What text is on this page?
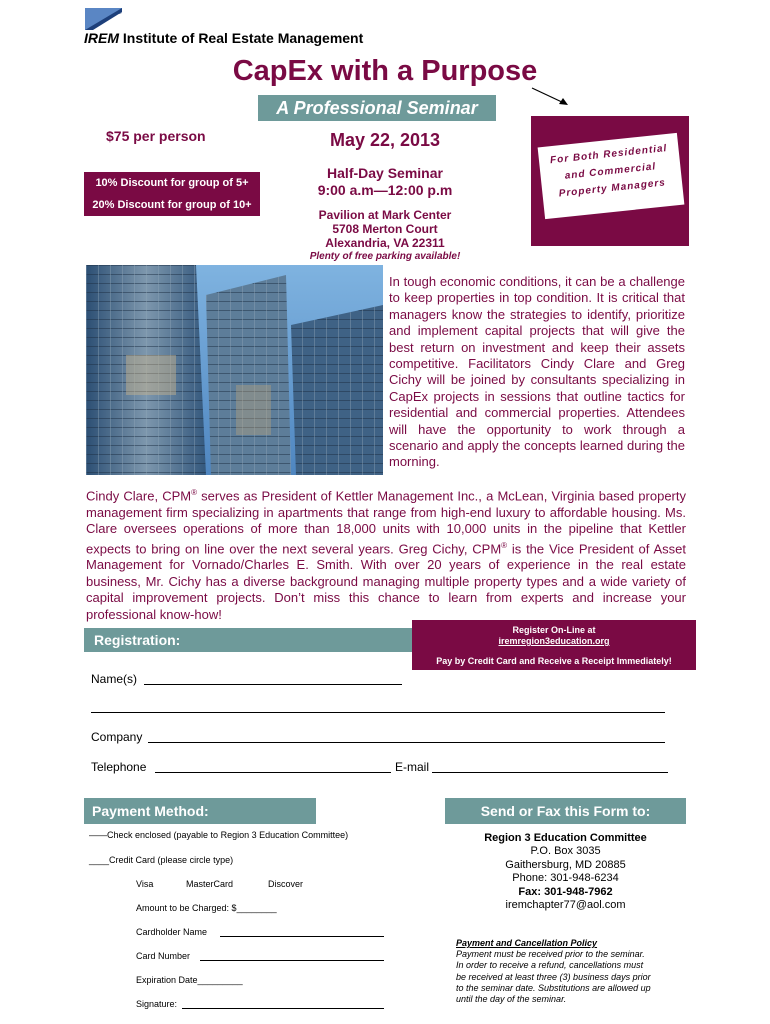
®
IREM Institute of Real Estate Management
CapEx with a Purpose
A Professional Seminar
$75 per person
10% Discount for group of 5+
20% Discount for group of 10+
May 22, 2013
Half-Day Seminar
9:00 a.m—12:00 p.m
Pavilion at Mark Center
5708 Merton Court
Alexandria, VA 22311
Plenty of free parking available!
For Both Residential
and Commercial
Property Managers
In tough economic conditions, it can be a challenge to keep properties in top condition. It is critical that managers know the strategies to identify, prioritize and implement capital projects that will give the best return on investment and keep their assets competitive. Facilitators Cindy Clare and Greg Cichy will be joined by consultants specializing in CapEx projects in sessions that outline tactics for residential and commercial properties. Attendees will have the opportunity to work through a scenario and apply the concepts learned during the morning.
Cindy Clare, CPM® serves as President of Kettler Management Inc., a McLean, Virginia based property management firm specializing in apartments that range from high-end luxury to affordable housing. Ms. Clare oversees operations of more than 18,000 units with 10,000 units in the pipeline that Kettler expects to bring on line over the next several years. Greg Cichy, CPM® is the Vice President of Asset Management for Vornado/Charles E. Smith. With over 20 years of experience in the real estate business, Mr. Cichy has a diverse background managing multiple property types and a wide variety of capital improvement projects. Don’t miss this chance to learn from experts and increase your professional know-how!
Registration:
Register On-Line at
iremregion3education.org
Pay by Credit Card and Receive a Receipt Immediately!
Name(s)
Company
Telephone	E-mail
Payment Method:
——Check enclosed (payable to Region 3 Education Committee)
____Credit Card (please circle type)
Visa	MasterCard	Discover
Amount to be Charged: $________
Cardholder Name
Card Number
Expiration Date_________
Signature:
Send or Fax this Form to:
Region 3 Education Committee
P.O. Box 3035
Gaithersburg, MD 20885
Phone: 301-948-6234
Fax: 301-948-7962
iremchapter77@aol.com
Payment and Cancellation Policy
Payment must be received prior to the seminar.
In order to receive a refund, cancellations must
be received at least three (3) business days prior
to the seminar date. Substitutions are allowed up
until the day of the seminar.
